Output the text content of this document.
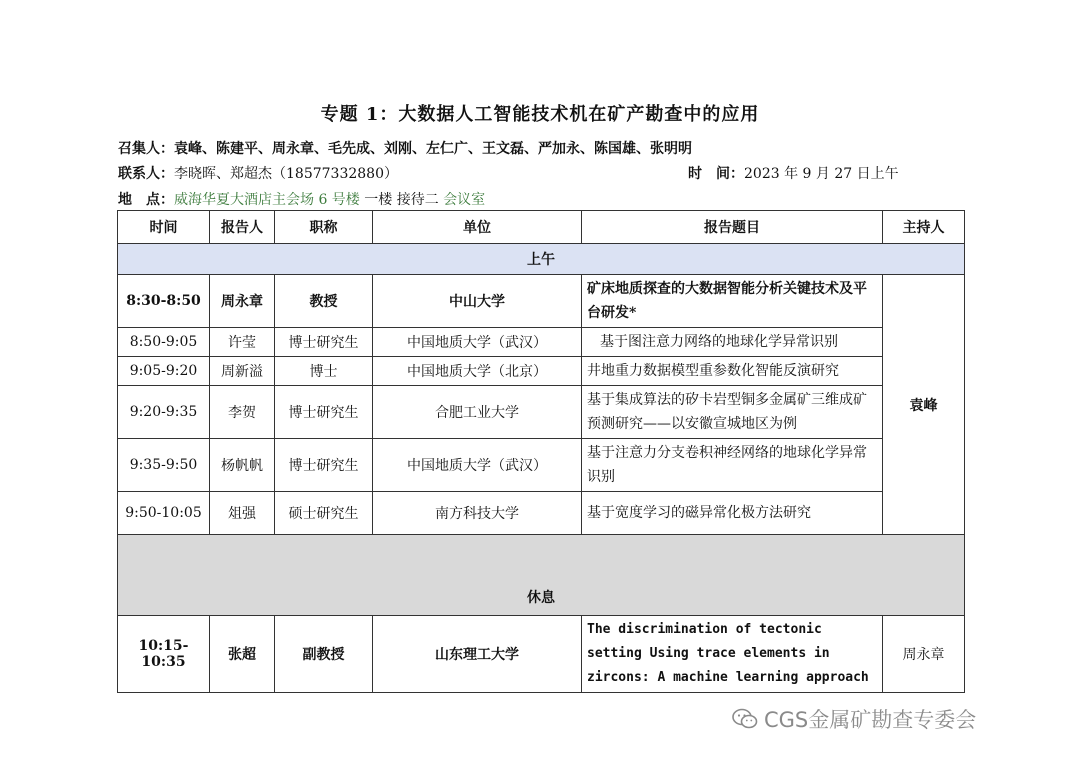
专题 1：大数据人工智能技术机在矿产勘查中的应用
召集人：袁峰、陈建平、周永章、毛先成、刘刚、左仁广、王文磊、严加永、陈国雄、张明明
联系人：李晓晖、郑超杰（18577332880）	时　间：2023 年 9 月 27 日上午
地　点：威海华夏大酒店主会场 6 号楼 一楼 接待二 会议室
时间	报告人	职称	单位	报告题目	主持人
上午					
8:30-8:50	周永章	教授	中山大学	矿床地质探查的大数据智能分析关键技术及平台研发*	袁峰
8:50-9:05	许莹	博士研究生	中国地质大学（武汉）	基于图注意力网络的地球化学异常识别	
9:05-9:20	周新溢	博士	中国地质大学（北京）	井地重力数据模型重参数化智能反演研究	
9:20-9:35	李贺	博士研究生	合肥工业大学	基于集成算法的矽卡岩型铜多金属矿三维成矿预测研究——以安徽宣城地区为例	
9:35-9:50	杨帆帆	博士研究生	中国地质大学（武汉）	基于注意力分支卷积神经网络的地球化学异常识别	
9:50-10:05	俎强	硕士研究生	南方科技大学	基于宽度学习的磁异常化极方法研究	
休息					
10:15-10:35	张超	副教授	山东理工大学	The discrimination of tectonic setting Using trace elements in zircons: A machine learning approach	周永章
CGS金属矿勘查专委会
